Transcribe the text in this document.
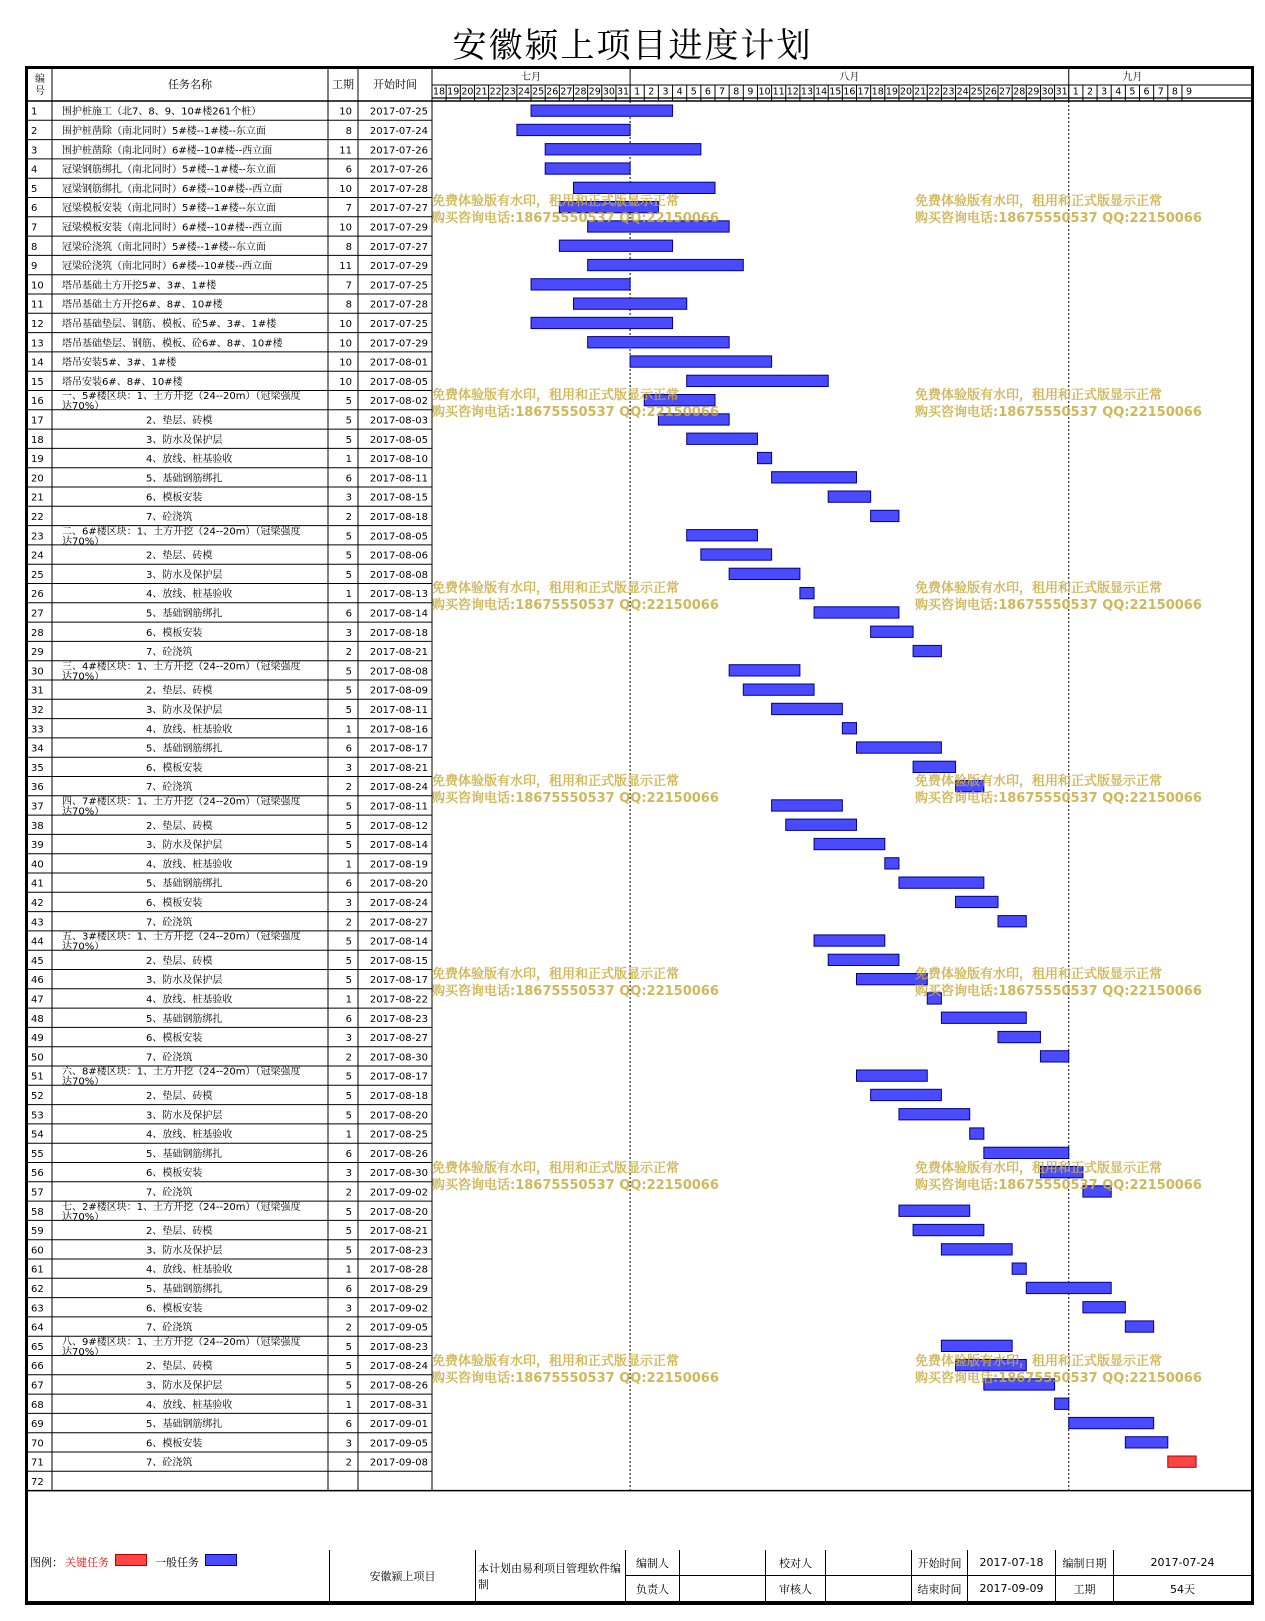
安徽颍上项目进度计划
编
号
任务名称	工期 开始时间
七月
18 19 20 21 22 23 24 25 26 27 28 29 30 31
八月
1 2 3 4 5 6 7 8 9 10 11 12 13 14 15 16 17 18 19 20 21 22 23 24 25 26 27 28 29 30 31
九月
1 2 3 4 5 6 7 8 9
1 围护桩施工（北7、8、9、10#楼261个桩）	10 2017-07-25
2 围护桩凿除（南北同时）5#楼--1#楼--东立面	8 2017-07-24
3 围护桩凿除（南北同时）6#楼--10#楼--西立面	11 2017-07-26
4 冠梁钢筋绑扎（南北同时）5#楼--1#楼--东立面	6 2017-07-26
5 冠梁钢筋绑扎（南北同时）6#楼--10#楼--西立面	10 2017-07-28
6 冠梁模板安装（南北同时）5#楼--1#楼--东立面	7 2017-07-27
7 冠梁模板安装（南北同时）6#楼--10#楼--西立面	10 2017-07-29
8 冠梁砼浇筑（南北同时）5#楼--1#楼--东立面	8 2017-07-27
9 冠梁砼浇筑（南北同时）6#楼--10#楼--西立面	11 2017-07-29
10 塔吊基础土方开挖5#、3#、1#楼	7 2017-07-25
11 塔吊基础土方开挖6#、8#、10#楼	8 2017-07-28
12 塔吊基础垫层、钢筋、模板、砼5#、3#、1#楼	10 2017-07-25
13 塔吊基础垫层、钢筋、模板、砼6#、8#、10#楼	10 2017-07-29
14 塔吊安装5#、3#、1#楼	10 2017-08-01
15 塔吊安装6#、8#、10#楼	10 2017-08-05
16 一、5#楼区块：1、土方开挖（24--20m）（冠梁强度
达70%）	5 2017-08-02
17	2、垫层、砖模	5 2017-08-03
18	3、防水及保护层	5 2017-08-05
19	4、放线、桩基验收	1 2017-08-10
20	5、基础钢筋绑扎	6 2017-08-11
21	6、模板安装	3 2017-08-15
22	7、砼浇筑	2 2017-08-18
23 二、6#楼区块：1、土方开挖（24--20m）（冠梁强度
达70%）	5 2017-08-05
24	2、垫层、砖模	5 2017-08-06
25	3、防水及保护层	5 2017-08-08
26	4、放线、桩基验收	1 2017-08-13
27	5、基础钢筋绑扎	6 2017-08-14
28	6、模板安装	3 2017-08-18
29	7、砼浇筑	2 2017-08-21
30 三、4#楼区块：1、土方开挖（24--20m）（冠梁强度
达70%）	5 2017-08-08
31	2、垫层、砖模	5 2017-08-09
32	3、防水及保护层	5 2017-08-11
33	4、放线、桩基验收	1 2017-08-16
34	5、基础钢筋绑扎	6 2017-08-17
35	6、模板安装	3 2017-08-21
36	7、砼浇筑	2 2017-08-24
37 四、7#楼区块：1、土方开挖（24--20m）（冠梁强度
达70%）	5 2017-08-11
38	2、垫层、砖模	5 2017-08-12
39	3、防水及保护层	5 2017-08-14
40	4、放线、桩基验收	1 2017-08-19
41	5、基础钢筋绑扎	6 2017-08-20
42	6、模板安装	3 2017-08-24
43	7、砼浇筑	2 2017-08-27
44 五、3#楼区块：1、土方开挖（24--20m）（冠梁强度
达70%）	5 2017-08-14
45	2、垫层、砖模	5 2017-08-15
46	3、防水及保护层	5 2017-08-17
47	4、放线、桩基验收	1 2017-08-22
48	5、基础钢筋绑扎	6 2017-08-23
49	6、模板安装	3 2017-08-27
50	7、砼浇筑	2 2017-08-30
51 六、8#楼区块：1、土方开挖（24--20m）（冠梁强度
达70%）	5 2017-08-17
52	2、垫层、砖模	5 2017-08-18
53	3、防水及保护层	5 2017-08-20
54	4、放线、桩基验收	1 2017-08-25
55	5、基础钢筋绑扎	6 2017-08-26
56	6、模板安装	3 2017-08-30
57	7、砼浇筑	2 2017-09-02
58 七、2#楼区块：1、土方开挖（24--20m）（冠梁强度
达70%）	5 2017-08-20
59	2、垫层、砖模	5 2017-08-21
60	3、防水及保护层	5 2017-08-23
61	4、放线、桩基验收	1 2017-08-28
62	5、基础钢筋绑扎	6 2017-08-29
63	6、模板安装	3 2017-09-02
64	7、砼浇筑	2 2017-09-05
65 八、9#楼区块：1、土方开挖（24--20m）（冠梁强度
达70%）	5 2017-08-23
66	2、垫层、砖模	5 2017-08-24
67	3、防水及保护层	5 2017-08-26
68	4、放线、桩基验收	1 2017-08-31
69	5、基础钢筋绑扎	6 2017-09-01
70	6、模板安装	3 2017-09-05
71	7、砼浇筑	2 2017-09-08
72
免费体验版有水印，租用和正式版显示正常
购买咨询电话:18675550537 QQ:22150066
免费体验版有水印，租用和正式版显示正常
购买咨询电话:18675550537 QQ:22150066
免费体验版有水印，租用和正式版显示正常
购买咨询电话:18675550537 QQ:22150066
免费体验版有水印，租用和正式版显示正常
购买咨询电话:18675550537 QQ:22150066
免费体验版有水印，租用和正式版显示正常
购买咨询电话:18675550537 QQ:22150066
免费体验版有水印，租用和正式版显示正常
购买咨询电话:18675550537 QQ:22150066
免费体验版有水印，租用和正式版显示正常
购买咨询电话:18675550537 QQ:22150066
免费体验版有水印，租用和正式版显示正常
购买咨询电话:18675550537 QQ:22150066
免费体验版有水印，租用和正式版显示正常
购买咨询电话:18675550537 QQ:22150066
免费体验版有水印，租用和正式版显示正常
购买咨询电话:18675550537 QQ:22150066
免费体验版有水印，租用和正式版显示正常
购买咨询电话:18675550537 QQ:22150066
免费体验版有水印，租用和正式版显示正常
购买咨询电话:18675550537 QQ:22150066
免费体验版有水印，租用和正式版显示正常
购买咨询电话:18675550537 QQ:22150066
免费体验版有水印，租用和正式版显示正常
购买咨询电话:18675550537 QQ:22150066
图例： 关键任务	一般任务
安徽颍上项目
本计划由易利项目管理软件编制
编制人	校对人	开始时间 2017-07-18 编制日期	2017-07-24
负责人	审核人	结束时间 2017-09-09	工期	54天
